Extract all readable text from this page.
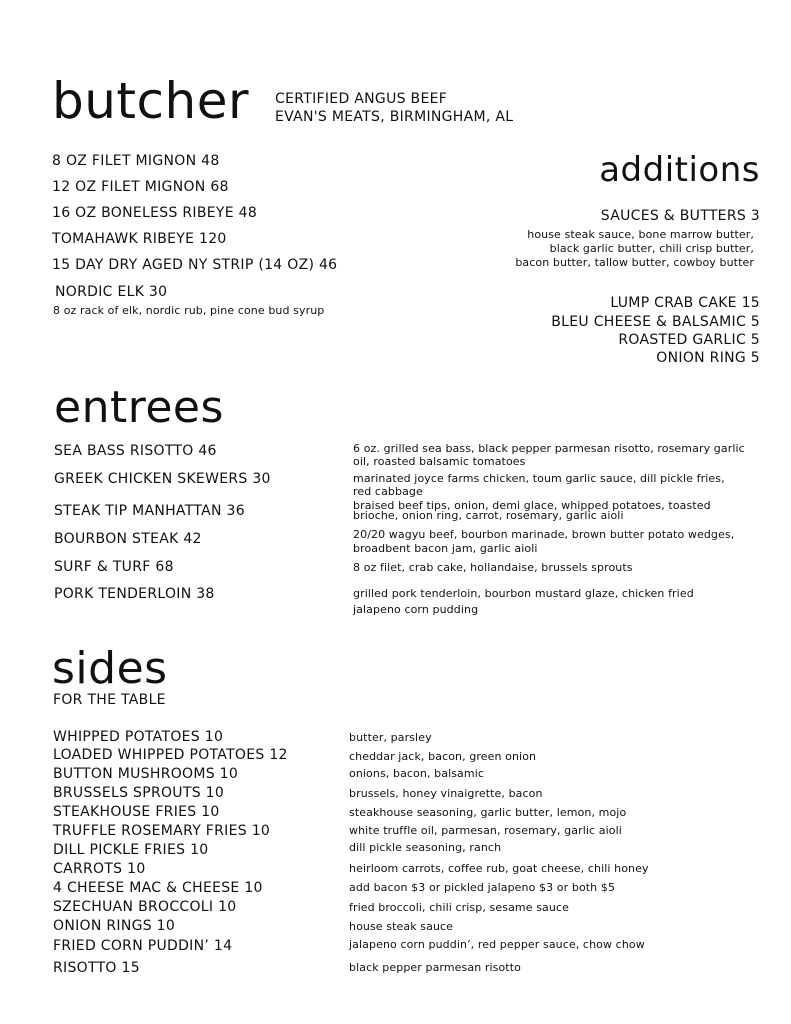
butcher CERTIFIED ANGUS BEEF
EVAN'S MEATS, BIRMINGHAM, AL
8 OZ FILET MIGNON 48
12 OZ FILET MIGNON 68
16 OZ BONELESS RIBEYE 48
TOMAHAWK RIBEYE 120
15 DAY DRY AGED NY STRIP (14 OZ) 46
NORDIC ELK 30
8 oz rack of elk, nordic rub, pine cone bud syrup
additions
SAUCES & BUTTERS 3
house steak sauce, bone marrow butter,
black garlic butter, chili crisp butter,
bacon butter, tallow butter, cowboy butter
LUMP CRAB CAKE 15
BLEU CHEESE & BALSAMIC 5
ROASTED GARLIC 5
ONION RING 5
entrees
SEA BASS RISOTTO 46	6 oz. grilled sea bass, black pepper parmesan risotto, rosemary garlic
oil, roasted balsamic tomatoes
GREEK CHICKEN SKEWERS 30	marinated joyce farms chicken, toum garlic sauce, dill pickle fries,
red cabbage
STEAK TIP MANHATTAN 36	braised beef tips, onion, demi glace, whipped potatoes, toasted
brioche, onion ring, carrot, rosemary, garlic aioli
BOURBON STEAK 42	20/20 wagyu beef, bourbon marinade, brown butter potato wedges,
broadbent bacon jam, garlic aioli
SURF & TURF 68	8 oz filet, crab cake, hollandaise, brussels sprouts
PORK TENDERLOIN 38	grilled pork tenderloin, bourbon mustard glaze, chicken fried
jalapeno corn pudding
sides
FOR THE TABLE
WHIPPED POTATOES 10	butter, parsley
LOADED WHIPPED POTATOES 12	cheddar jack, bacon, green onion
BUTTON MUSHROOMS 10	onions, bacon, balsamic
BRUSSELS SPROUTS 10	brussels, honey vinaigrette, bacon
STEAKHOUSE FRIES 10	steakhouse seasoning, garlic butter, lemon, mojo
TRUFFLE ROSEMARY FRIES 10	white truffle oil, parmesan, rosemary, garlic aioli
DILL PICKLE FRIES 10	dill pickle seasoning, ranch
CARROTS 10	heirloom carrots, coffee rub, goat cheese, chili honey
4 CHEESE MAC & CHEESE 10	add bacon $3 or pickled jalapeno $3 or both $5
SZECHUAN BROCCOLI 10	fried broccoli, chili crisp, sesame sauce
ONION RINGS 10	house steak sauce
FRIED CORN PUDDIN’ 14	jalapeno corn puddin’, red pepper sauce, chow chow
RISOTTO 15	black pepper parmesan risotto
